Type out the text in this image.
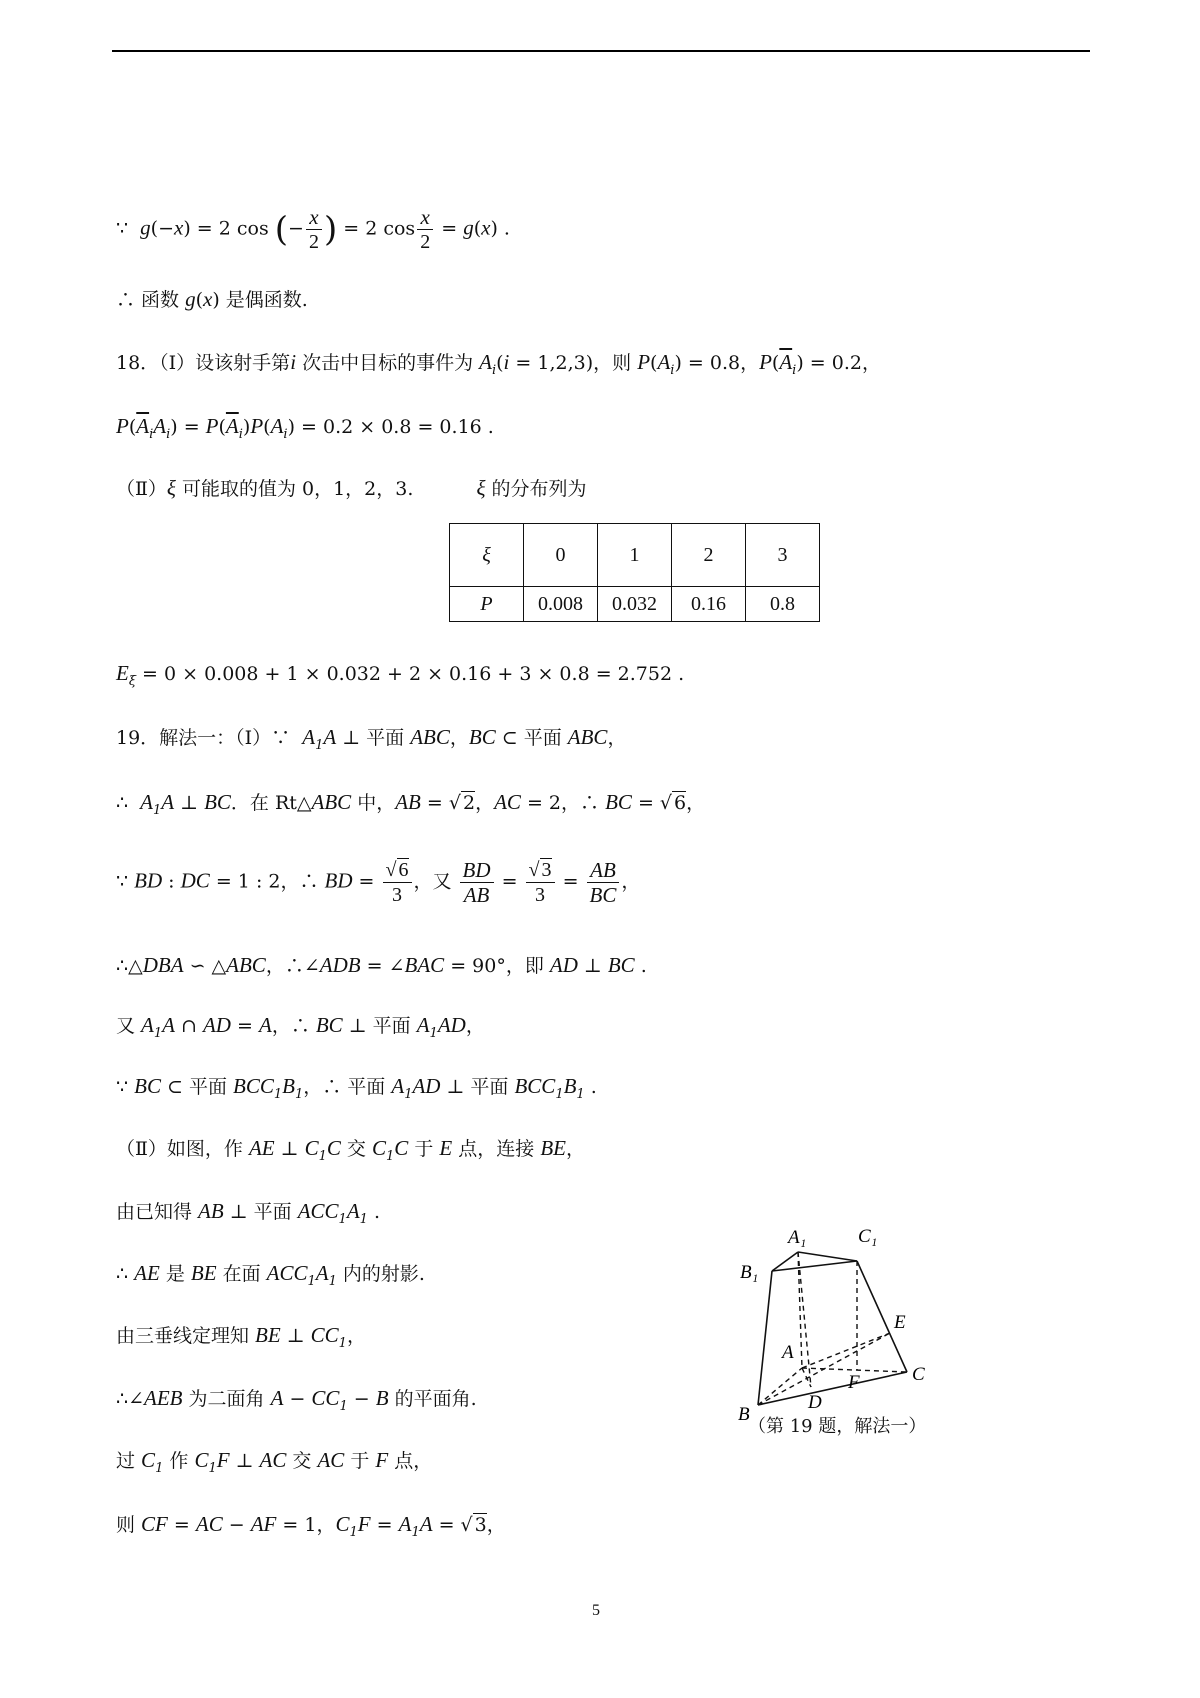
∵  g(−x) = 2 cos (− $\frac{x}{2}$ ) = 2 $\cos \frac{x}{2} = g(x)$ .
∴ 函数 g(x) 是偶函数.
18．（Ⅰ）设该射手第i 次击中目标的事件为 $A_i(i = 1,2,3)$，则 $P(A_i) = 0.8$，$P(\overline{A}_i) = 0.2$，
$P(\overline{A}_iA_i) = P(\overline{A}_i)P(A_i) = 0.2 \times 0.8 = 0.16$ .
（Ⅱ）ξ 可能取的值为 0，1，2，3.　　　 ξ 的分布列为
ξ	0	1	2	3
P	0.008	0.032	0.16	0.8
$E_\xi = 0 \times 0.008 + 1 \times 0.032 + 2 \times 0.16 + 3 \times 0.8 = 2.752$ .
19．解法一：（Ⅰ）∵  $A_1A$ ⊥ 平面 ABC，BC ⊂ 平面 ABC，
∴  $A_1A$ ⊥ BC．在 Rt△ABC 中，AB = √ 2，AC = 2，∴ BC = √ 6，
∵ BD : DC = 1 : 2，∴ BD = $\frac{√ 6}{3}$ ，又 $\frac{BD}{AB} = \frac{√ 3}{3} = \frac{AB}{BC}$ ，
∴△DBA ∽ △ABC，∴∠ADB = ∠BAC = 90°，即 AD ⊥ BC .
又 $A_1A$ ∩ AD = A，∴ BC ⊥ 平面 $A_1AD$，
∵ BC ⊂ 平面 $BCC_1B_1$，∴ 平面 $A_1AD$ ⊥ 平面 $BCC_1B_1$ .
（Ⅱ）如图，作 AE ⊥ $C_1C$ 交 $C_1C$ 于 E 点，连接 BE，
由已知得 AB ⊥ 平面 $ACC_1A_1$ .
∴ AE 是 BE 在面 $ACC_1A_1$ 内的射影.
由三垂线定理知 BE ⊥ $CC_1$，
∴∠AEB 为二面角 $A - CC_1 - B$ 的平面角.
过 $C_1$ 作 $C_1F$ ⊥ AC 交 AC 于 F 点，
则 CF = AC − AF = 1，$C_1F = A_1A$ = √ 3，
A₁	C₁
B₁
E
A
C
F
B
D
（第 19 题，解法一）
5
